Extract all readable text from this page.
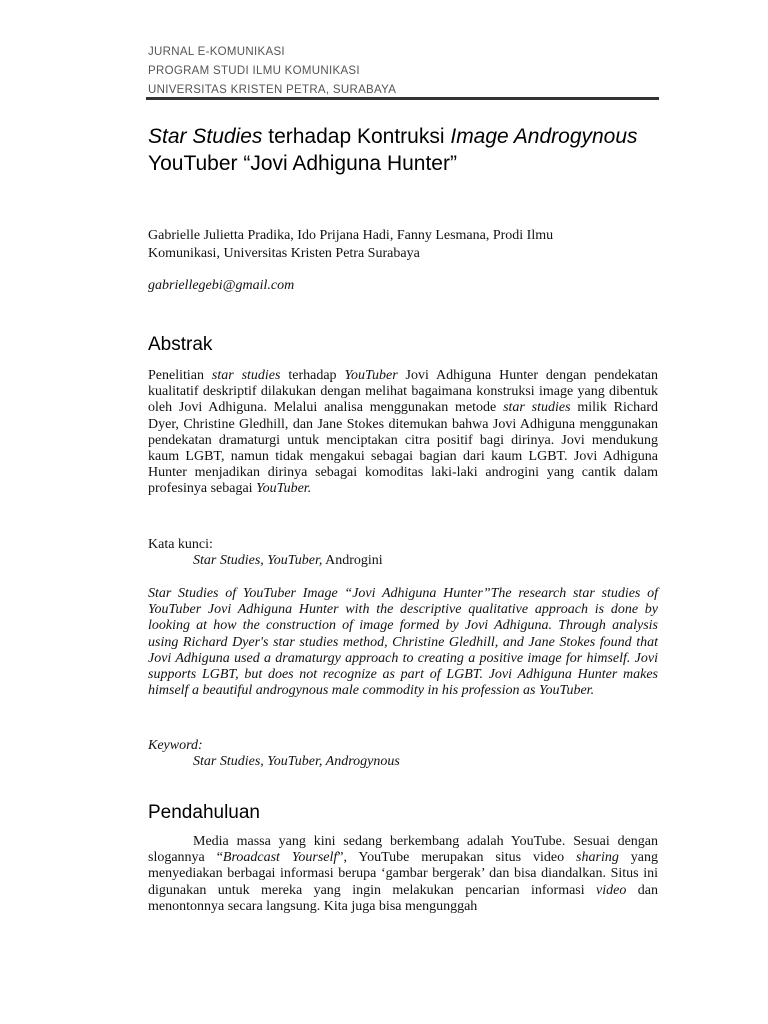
JURNAL E-KOMUNIKASI
PROGRAM STUDI ILMU KOMUNIKASI
UNIVERSITAS KRISTEN PETRA, SURABAYA
Star Studies terhadap Kontruksi Image Androgynous YouTuber “Jovi Adhiguna Hunter”
Gabrielle Julietta Pradika, Ido Prijana Hadi, Fanny Lesmana, Prodi Ilmu Komunikasi, Universitas Kristen Petra Surabaya
gabriellegebi@gmail.com
Abstrak

Penelitian star studies terhadap YouTuber Jovi Adhiguna Hunter dengan pendekatan kualitatif deskriptif dilakukan dengan melihat bagaimana konstruksi image yang dibentuk oleh Jovi Adhiguna. Melalui analisa menggunakan metode star studies milik Richard Dyer, Christine Gledhill, dan Jane Stokes ditemukan bahwa Jovi Adhiguna menggunakan pendekatan dramaturgi untuk menciptakan citra positif bagi dirinya. Jovi mendukung kaum LGBT, namun tidak mengakui sebagai bagian dari kaum LGBT. Jovi Adhiguna Hunter menjadikan dirinya sebagai komoditas laki-laki androgini yang cantik dalam profesinya sebagai YouTuber.

Kata kunci:
Star Studies, YouTuber, Androgini

Star Studies of YouTuber Image “Jovi Adhiguna Hunter”The research star studies of YouTuber Jovi Adhiguna Hunter with the descriptive qualitative approach is done by looking at how the construction of image formed by Jovi Adhiguna. Through analysis using Richard Dyer's star studies method, Christine Gledhill, and Jane Stokes found that Jovi Adhiguna used a dramaturgy approach to creating a positive image for himself. Jovi supports LGBT, but does not recognize as part of LGBT. Jovi Adhiguna Hunter makes himself a beautiful androgynous male commodity in his profession as YouTuber.

Keyword:
Star Studies, YouTuber, Androgynous
Pendahuluan

Media massa yang kini sedang berkembang adalah YouTube. Sesuai dengan slogannya “Broadcast Yourself”, YouTube merupakan situs video sharing yang menyediakan berbagai informasi berupa ‘gambar bergerak’ dan bisa diandalkan. Situs ini digunakan untuk mereka yang ingin melakukan pencarian informasi video dan menontonnya secara langsung. Kita juga bisa mengunggah
